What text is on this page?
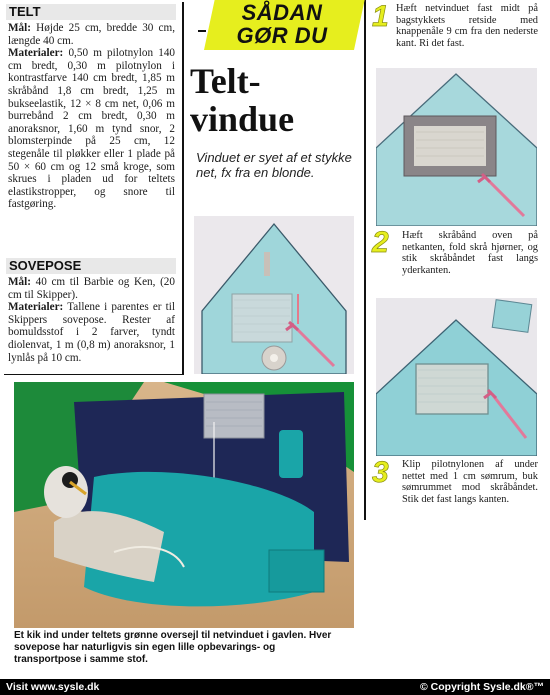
TELT
Mål: Højde 25 cm, bredde 30 cm, længde 40 cm.
Materialer: 0,50 m pilotnylon 140 cm bredt, 0,30 m pilotnylon i kontrastfarve 140 cm bredt, 1,85 m skråbånd 1,8 cm bredt, 1,25 m bukseelastik, 12 × 8 cm net, 0,06 m burrebånd 2 cm bredt, 0,30 m anoraksnor, 1,60 m tynd snor, 2 blomsterpinde på 25 cm, 12 stegenåle til pløkker eller 1 plade på 50 × 60 cm og 12 små kroge, som skrues i pladen ud for teltets elastikstropper, og snore til fastgøring.
SOVEPOSE
Mål: 40 cm til Barbie og Ken, (20 cm til Skipper).
Materialer: Tallene i parentes er til Skippers sovepose. Rester af bomuldsstof i 2 farver, tyndt diolenvat, 1 m (0,8 m) anoraksnor, 1 lynlås på 10 cm.
SÅDAN
GØR DU
Telt-
vindue
Vinduet er syet af et stykke net, fx fra en blonde.
1 Hæft netvinduet fast midt på bagstykkets retside med knappenåle 9 cm fra den nederste kant. Ri det fast.
2 Hæft skråbånd oven på netkanten, fold skrå hjørner, og stik skråbåndet fast langs yderkanten.
3 Klip pilotnylonen af under nettet med 1 cm sømrum, buk sømrummet mod skråbåndet. Stik det fast langs kanten.
Et kik ind under teltets grønne oversejl til netvinduet i gavlen. Hver sovepose har naturligvis sin egen lille opbevarings- og transportpose i samme stof.
Visit www.sysle.dk	© Copyright Sysle.dk®™
